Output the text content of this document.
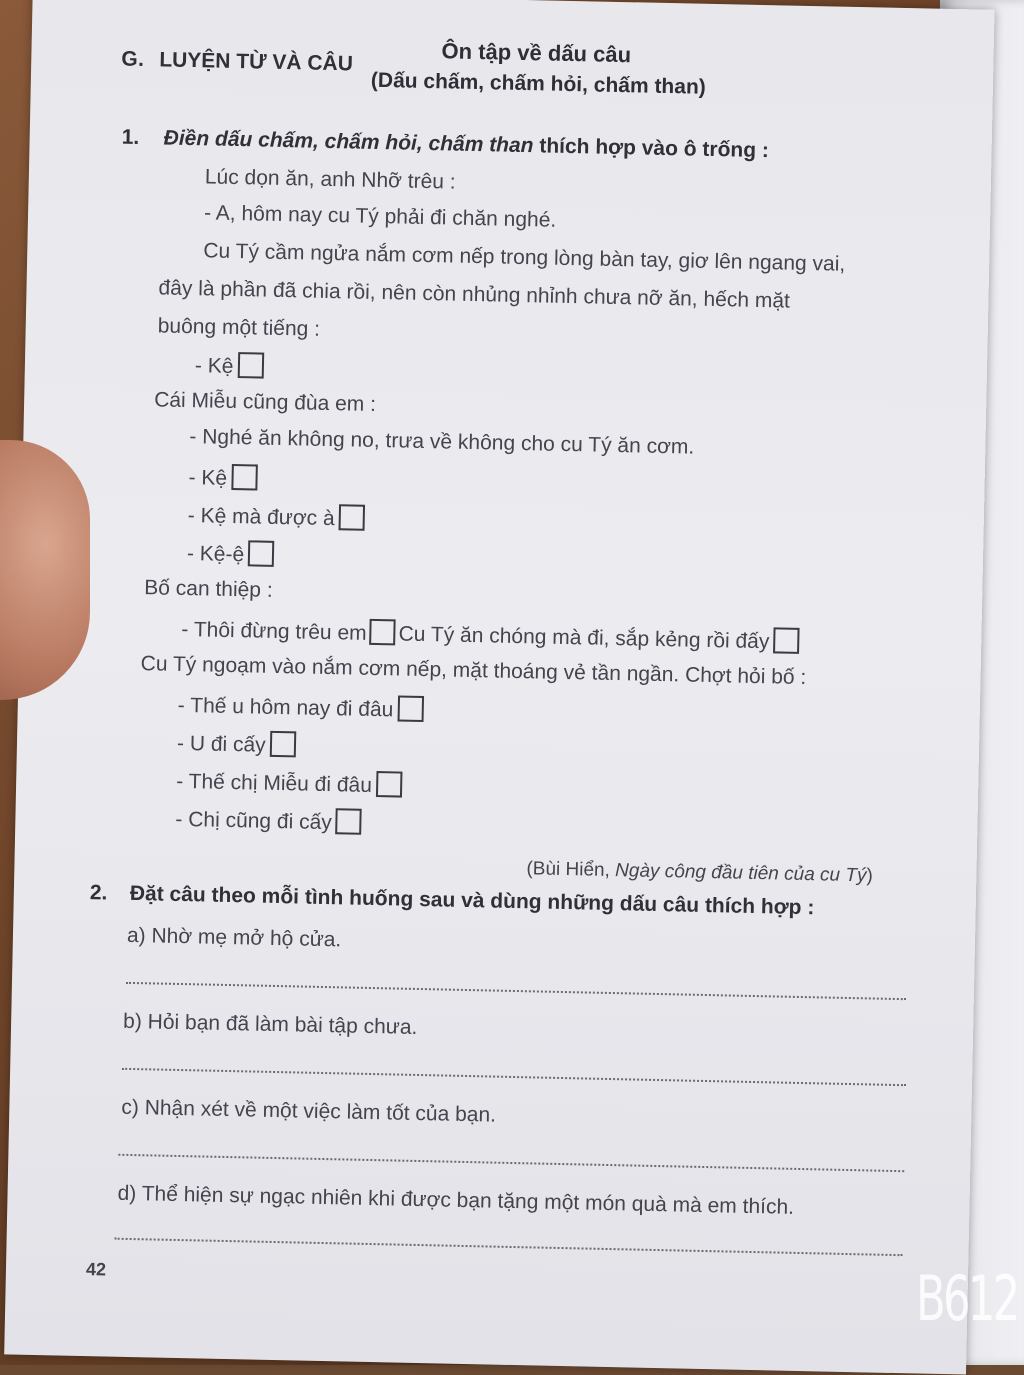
G. LUYỆN TỪ VÀ CÂU	Ôn tập về dấu câu
(Dấu chấm, chấm hỏi, chấm than)
1. Điền dấu chấm, chấm hỏi, chấm than thích hợp vào ô trống :
Lúc dọn ăn, anh Nhỡ trêu :
- A, hôm nay cu Tý phải đi chăn nghé.
Cu Tý cầm ngửa nắm cơm nếp trong lòng bàn tay, giơ lên ngang vai,
đây là phần đã chia rồi, nên còn nhủng nhỉnh chưa nỡ ăn, hếch mặt
buông một tiếng :
- Kệ
Cái Miễu cũng đùa em :
- Nghé ăn không no, trưa về không cho cu Tý ăn cơm.
- Kệ
- Kệ mà được à
- Kệ-ệ
Bố can thiệp :
- Thôi đừng trêu em Cu Tý ăn chóng mà đi, sắp kẻng rồi đấy
Cu Tý ngoạm vào nắm cơm nếp, mặt thoáng vẻ tần ngần. Chợt hỏi bố :
- Thế u hôm nay đi đâu
- U đi cấy
- Thế chị Miễu đi đâu
- Chị cũng đi cấy
(Bùi Hiển, Ngày công đầu tiên của cu Tý)
2. Đặt câu theo mỗi tình huống sau và dùng những dấu câu thích hợp :
a) Nhờ mẹ mở hộ cửa.
b) Hỏi bạn đã làm bài tập chưa.
c) Nhận xét về một việc làm tốt của bạn.
d) Thể hiện sự ngạc nhiên khi được bạn tặng một món quà mà em thích.
42	B612
